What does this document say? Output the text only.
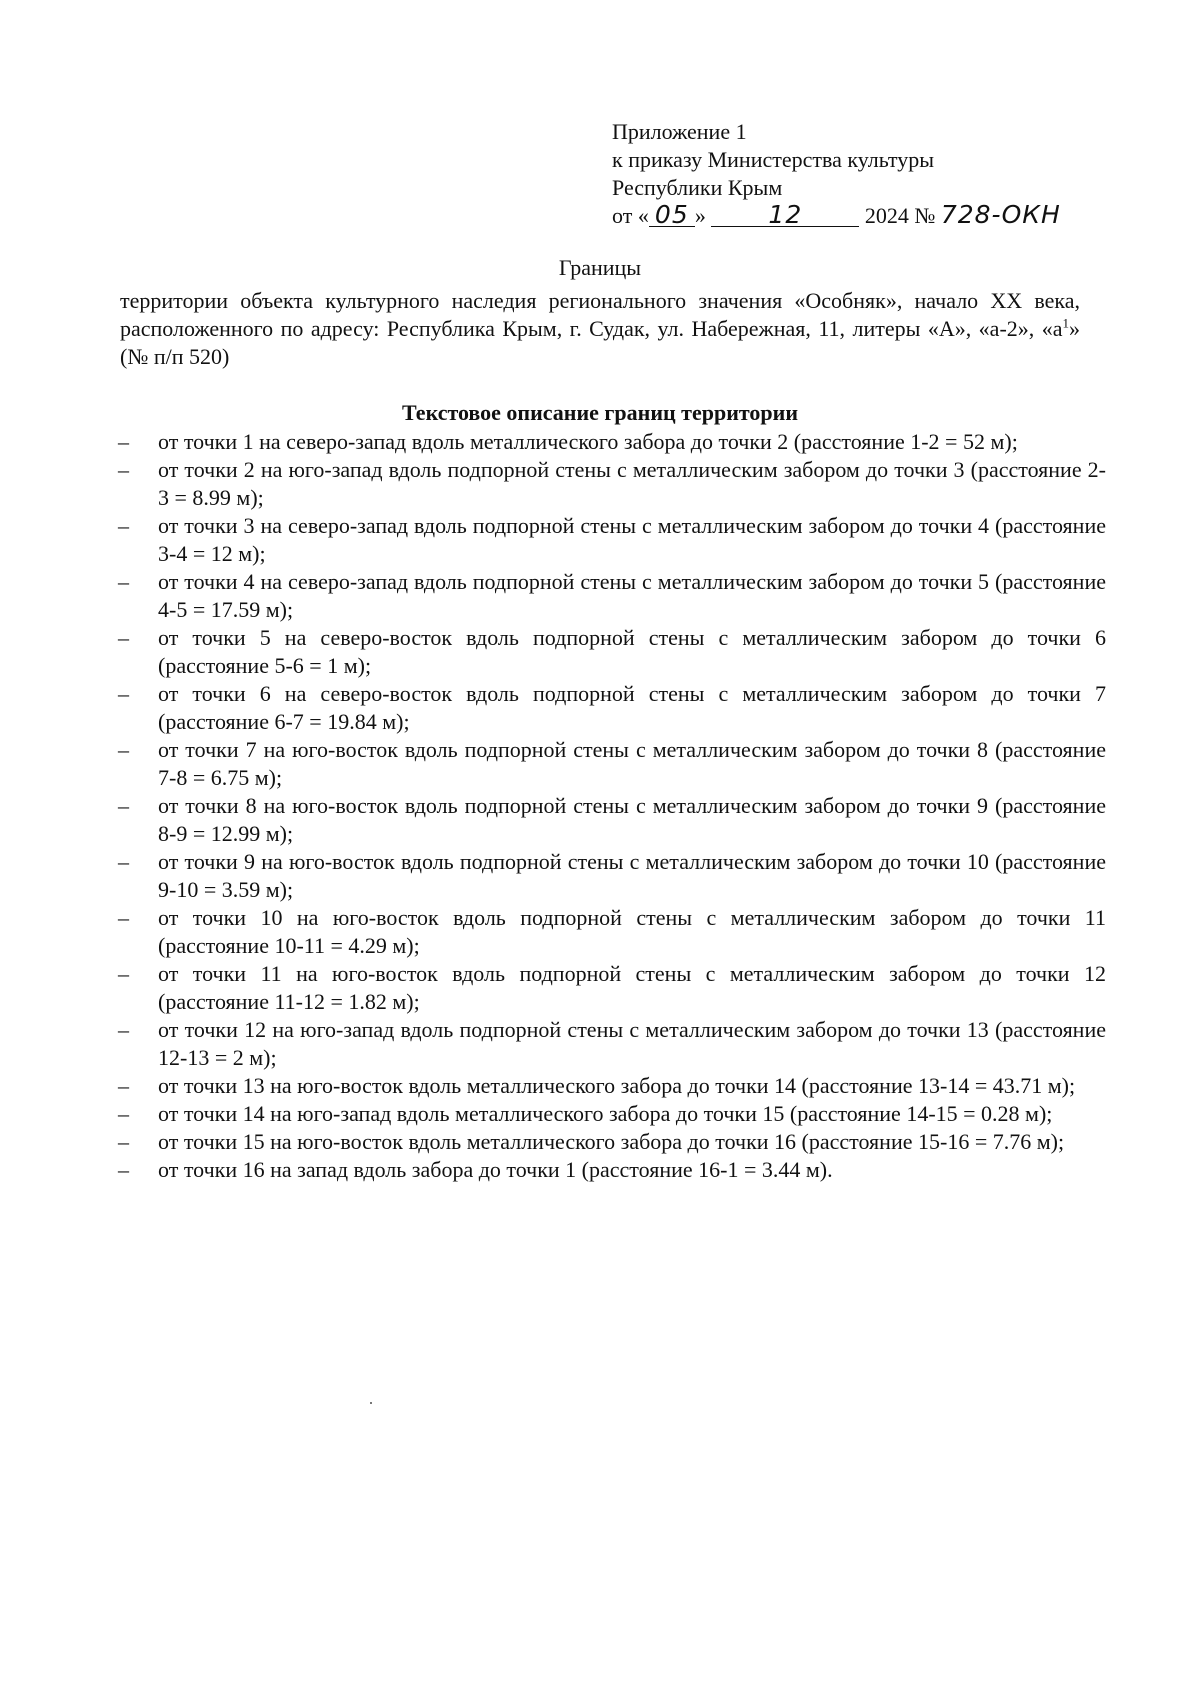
Приложение 1
к приказу Министерства культуры
Республики Крым
от « 05 »	12	2024 № 728-ОКН
Границы
территории объекта культурного наследия регионального значения «Особняк», начало XX века, расположенного по адресу: Республика Крым, г. Судак, ул. Набережная, 11, литеры «А», «а-2», «$а^1$» (№ п/п 520)
Текстовое описание границ территории
– от точки 1 на северо-запад вдоль металлического забора до точки 2 (расстояние 1-2 = 52 м);
– от точки 2 на юго-запад вдоль подпорной стены с металлическим забором до точки 3 (расстояние 2-3 = 8.99 м);
– от точки 3 на северо-запад вдоль подпорной стены с металлическим забором до точки 4 (расстояние 3-4 = 12 м);
– от точки 4 на северо-запад вдоль подпорной стены с металлическим забором до точки 5 (расстояние 4-5 = 17.59 м);
– от точки 5 на северо-восток вдоль подпорной стены с металлическим забором до точки 6 (расстояние 5-6 = 1 м);
– от точки 6 на северо-восток вдоль подпорной стены с металлическим забором до точки 7 (расстояние 6-7 = 19.84 м);
– от точки 7 на юго-восток вдоль подпорной стены с металлическим забором до точки 8 (расстояние 7-8 = 6.75 м);
– от точки 8 на юго-восток вдоль подпорной стены с металлическим забором до точки 9 (расстояние 8-9 = 12.99 м);
– от точки 9 на юго-восток вдоль подпорной стены с металлическим забором до точки 10 (расстояние 9-10 = 3.59 м);
– от точки 10 на юго-восток вдоль подпорной стены с металлическим забором до точки 11 (расстояние 10-11 = 4.29 м);
– от точки 11 на юго-восток вдоль подпорной стены с металлическим забором до точки 12 (расстояние 11-12 = 1.82 м);
– от точки 12 на юго-запад вдоль подпорной стены с металлическим забором до точки 13 (расстояние 12-13 = 2 м);
– от точки 13 на юго-восток вдоль металлического забора до точки 14 (расстояние 13-14 = 43.71 м);
– от точки 14 на юго-запад вдоль металлического забора до точки 15 (расстояние 14-15 = 0.28 м);
– от точки 15 на юго-восток вдоль металлического забора до точки 16 (расстояние 15-16 = 7.76 м);
– от точки 16 на запад вдоль забора до точки 1 (расстояние 16-1 = 3.44 м).
